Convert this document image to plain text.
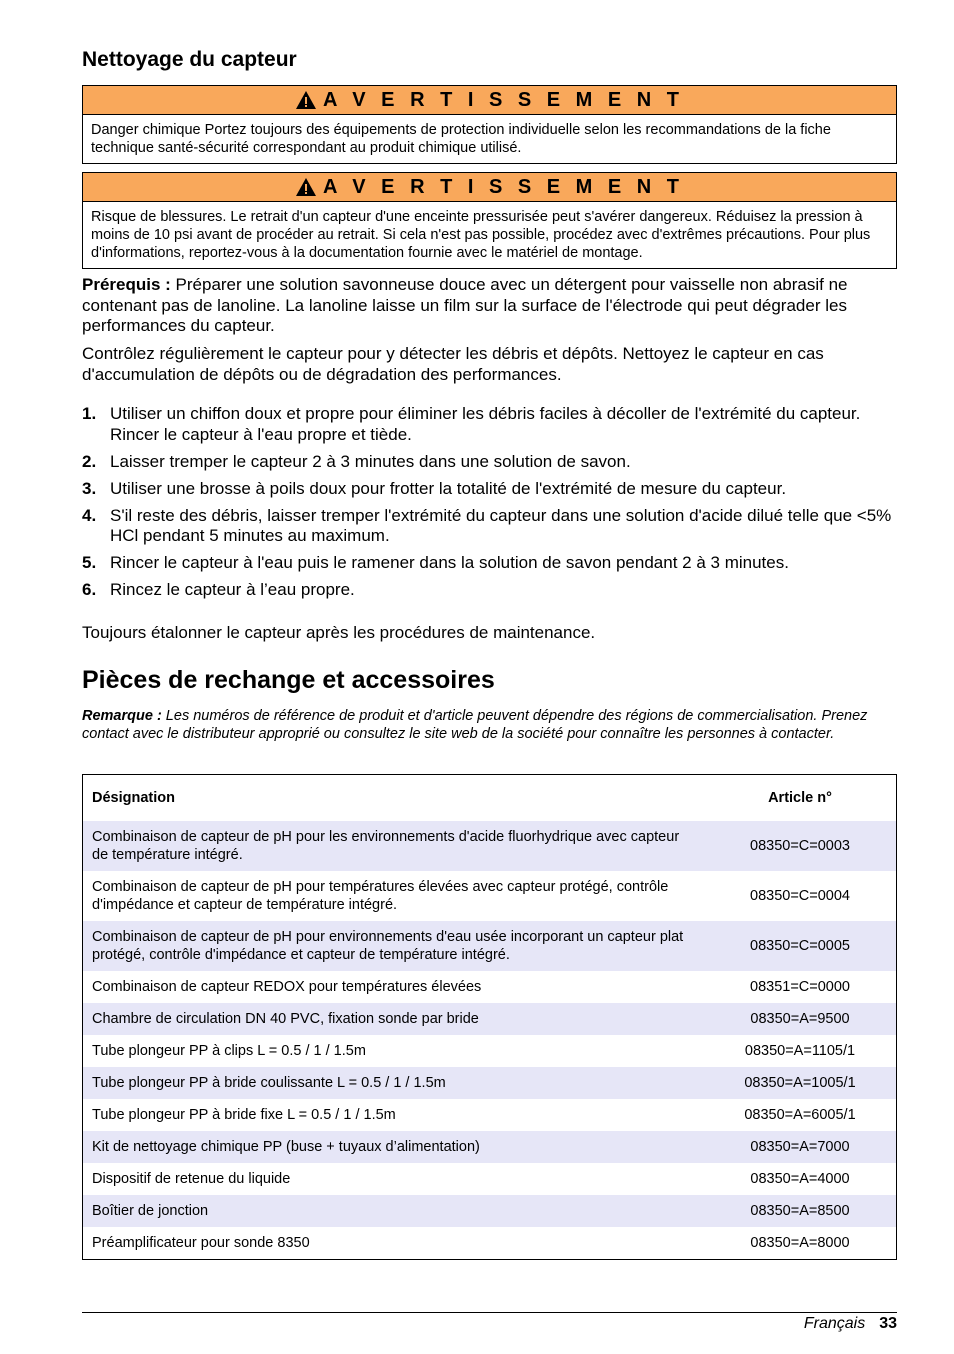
Nettoyage du capteur
A V E R T I S S E M E N T
Danger chimique Portez toujours des équipements de protection individuelle selon les recommandations de la fiche technique santé-sécurité correspondant au produit chimique utilisé.
A V E R T I S S E M E N T
Risque de blessures. Le retrait d'un capteur d'une enceinte pressurisée peut s'avérer dangereux. Réduisez la pression à moins de 10 psi avant de procéder au retrait. Si cela n'est pas possible, procédez avec d'extrêmes précautions. Pour plus d'informations, reportez-vous à la documentation fournie avec le matériel de montage.

Prérequis : Préparer une solution savonneuse douce avec un détergent pour vaisselle non abrasif ne contenant pas de lanoline. La lanoline laisse un film sur la surface de l'électrode qui peut dégrader les performances du capteur.

Contrôlez régulièrement le capteur pour y détecter les débris et dépôts. Nettoyez le capteur en cas d'accumulation de dépôts ou de dégradation des performances.

1. Utiliser un chiffon doux et propre pour éliminer les débris faciles à décoller de l'extrémité du capteur. Rincer le capteur à l'eau propre et tiède.
2. Laisser tremper le capteur 2 à 3 minutes dans une solution de savon.
3. Utiliser une brosse à poils doux pour frotter la totalité de l'extrémité de mesure du capteur.
4. S'il reste des débris, laisser tremper l'extrémité du capteur dans une solution d'acide dilué telle que <5% HCl pendant 5 minutes au maximum.
5. Rincer le capteur à l'eau puis le ramener dans la solution de savon pendant 2 à 3 minutes.
6. Rincez le capteur à l’eau propre.

Toujours étalonner le capteur après les procédures de maintenance.

Pièces de rechange et accessoires

Remarque : Les numéros de référence de produit et d'article peuvent dépendre des régions de commercialisation. Prenez contact avec le distributeur approprié ou consultez le site web de la société pour connaître les personnes à contacter.

Désignation	Article n°
Combinaison de capteur de pH pour les environnements d'acide fluorhydrique avec capteur de température intégré.	08350=C=0003
Combinaison de capteur de pH pour températures élevées avec capteur protégé, contrôle d'impédance et capteur de température intégré.	08350=C=0004
Combinaison de capteur de pH pour environnements d'eau usée incorporant un capteur plat protégé, contrôle d'impédance et capteur de température intégré.	08350=C=0005
Combinaison de capteur REDOX pour températures élevées	08351=C=0000
Chambre de circulation DN 40 PVC, fixation sonde par bride	08350=A=9500
Tube plongeur PP à clips L = 0.5 / 1 / 1.5m	08350=A=1105/1
Tube plongeur PP à bride coulissante L = 0.5 / 1 / 1.5m	08350=A=1005/1
Tube plongeur PP à bride fixe L = 0.5 / 1 / 1.5m	08350=A=6005/1
Kit de nettoyage chimique PP (buse + tuyaux d’alimentation)	08350=A=7000
Dispositif de retenue du liquide	08350=A=4000
Boîtier de jonction	08350=A=8500
Préamplificateur pour sonde 8350	08350=A=8000
Français 33
